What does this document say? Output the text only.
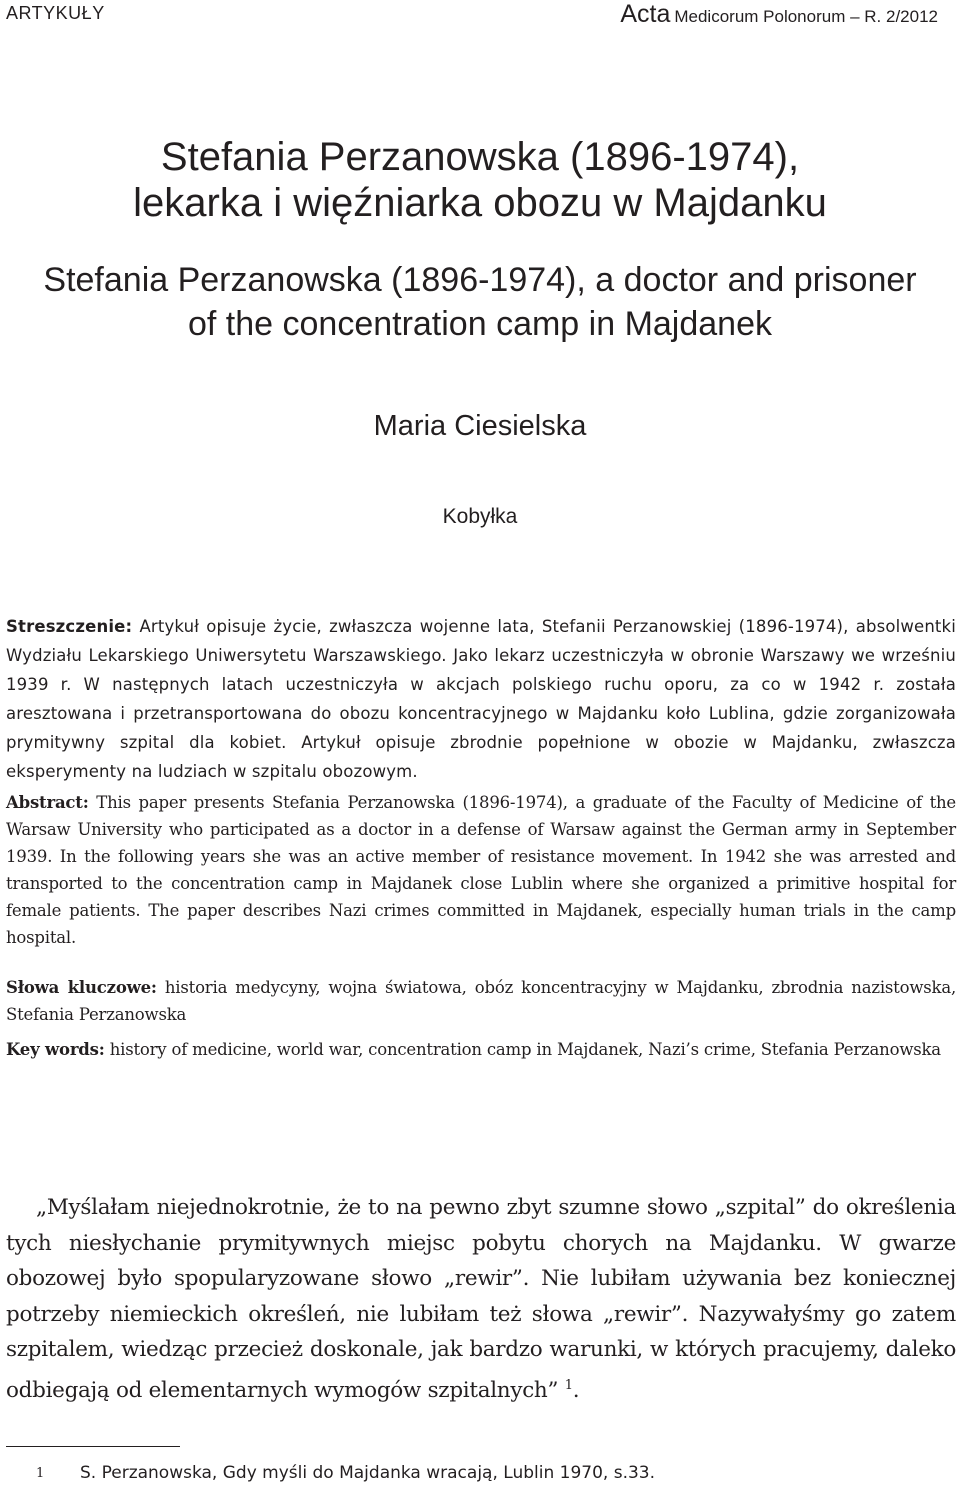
ARTYKUŁY	Acta Medicorum Polonorum – R. 2/2012
Stefania Perzanowska (1896-1974),
lekarka i więźniarka obozu w Majdanku
Stefania Perzanowska (1896-1974), a doctor and prisoner
of the concentration camp in Majdanek
Maria Ciesielska
Kobyłka
Streszczenie: Artykuł opisuje życie, zwłaszcza wojenne lata, Stefanii Perzanowskiej (1896-1974), absolwentki Wydziału Lekarskiego Uniwersytetu Warszawskiego. Jako lekarz uczestniczyła w obronie Warszawy we wrześniu 1939 r. W następnych latach uczestniczyła w akcjach polskiego ruchu oporu, za co w 1942 r. została aresztowana i przetransportowana do obozu koncentracyjnego w Majdanku koło Lublina, gdzie zorganizowała prymitywny szpital dla kobiet. Artykuł opisuje zbrodnie popełnione w obozie w Majdanku, zwłaszcza eksperymenty na ludziach w szpitalu obozowym.
Abstract: This paper presents Stefania Perzanowska (1896-1974), a graduate of the Faculty of Medicine of the Warsaw University who participated as a doctor in a defense of Warsaw against the German army in September 1939. In the following years she was an active member of resistance movement. In 1942 she was arrested and transported to the concentration camp in Majdanek close Lublin where she organized a primitive hospital for female patients. The paper describes Nazi crimes committed in Majdanek, especially human trials in the camp hospital.
Słowa kluczowe: historia medycyny, wojna światowa, obóz koncentracyjny w Majdanku, zbrodnia nazistowska, Stefania Perzanowska
Key words: history of medicine, world war, concentration camp in Majdanek, Nazi’s crime, Stefania Perzanowska
„Myślałam niejednokrotnie, że to na pewno zbyt szumne słowo „szpital” do określenia tych niesłychanie prymitywnych miejsc pobytu chorych na Majdanku. W gwarze obozowej było spopularyzowane słowo „rewir”. Nie lubiłam używania bez koniecznej potrzeby niemieckich określeń, nie lubiłam też słowa „rewir”. Nazywałyśmy go zatem szpitalem, wiedząc przecież doskonale, jak bardzo warunki, w których pracujemy, daleko odbiegają od elementarnych wymogów szpitalnych” $^1$.
1 S. Perzanowska, Gdy myśli do Majdanka wracają, Lublin 1970, s.33.
